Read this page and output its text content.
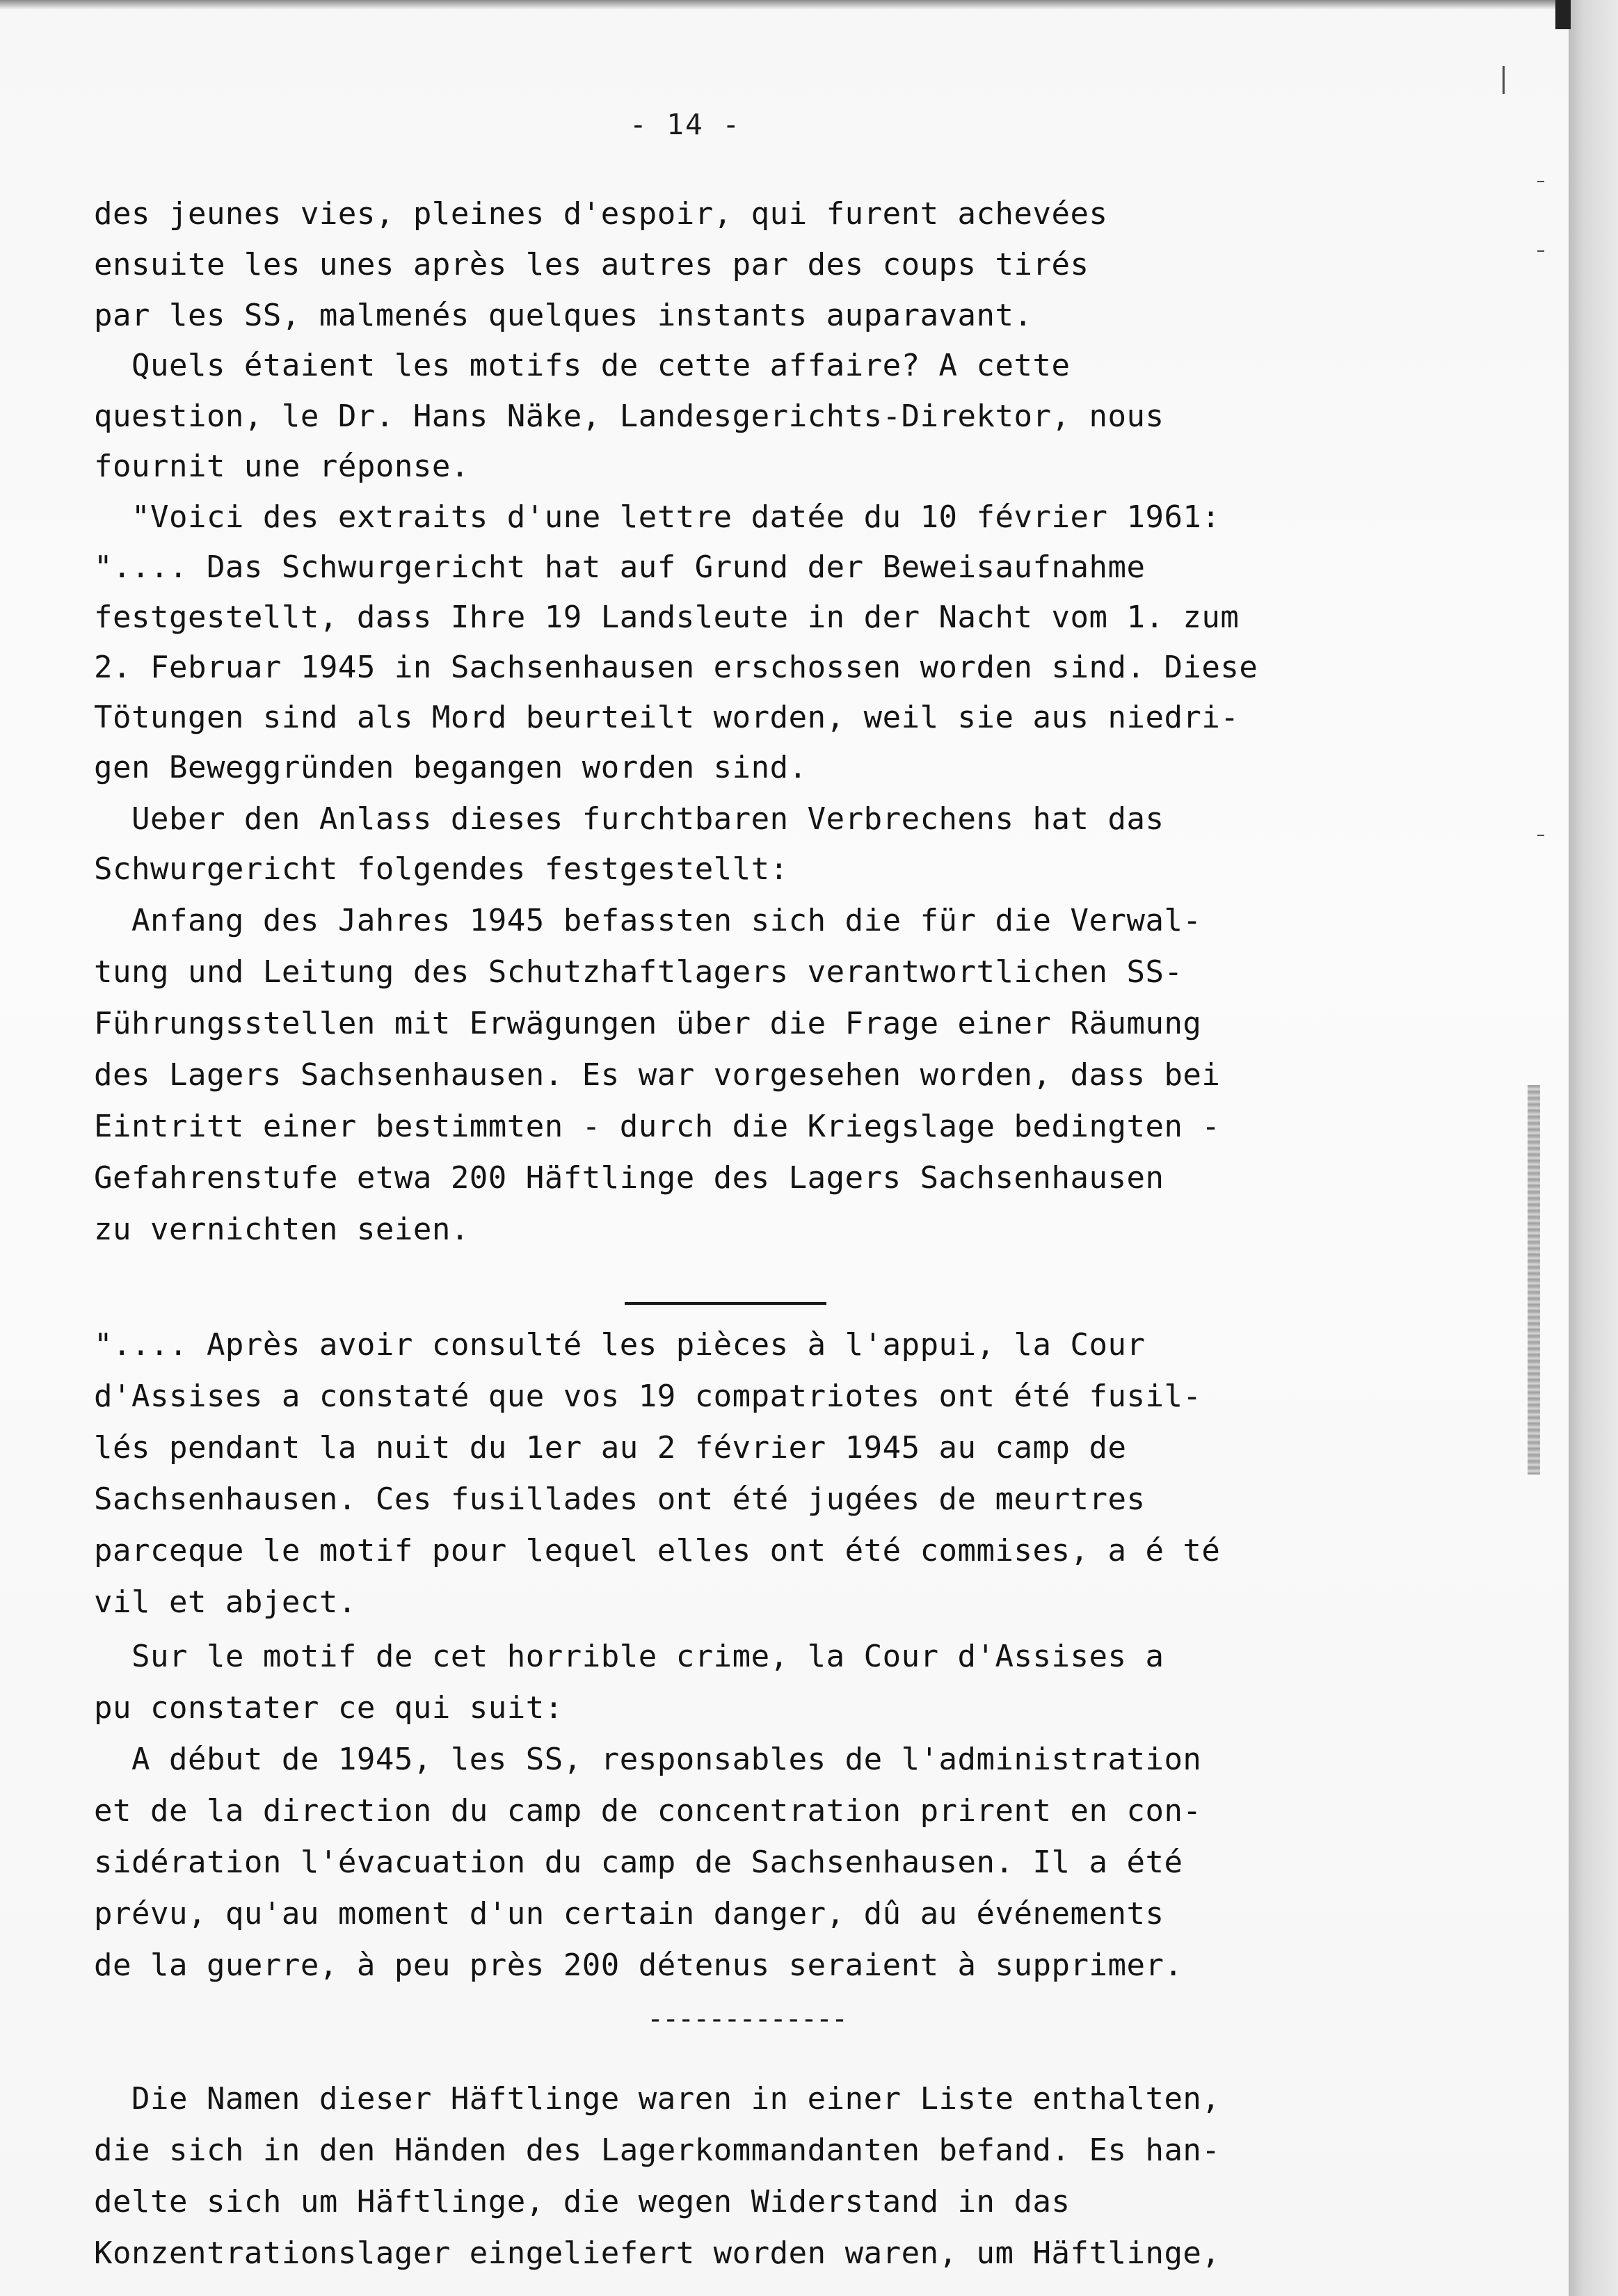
- 14 -
des jeunes vies, pleines d'espoir, qui furent achevées
ensuite les unes après les autres par des coups tirés
par les SS, malmenés quelques instants auparavant.
Quels étaient les motifs de cette affaire? A cette
question, le Dr. Hans Näke, Landesgerichts-Direktor, nous
fournit une réponse.
"Voici des extraits d'une lettre datée du 10 février 1961:
".... Das Schwurgericht hat auf Grund der Beweisaufnahme
festgestellt, dass Ihre 19 Landsleute in der Nacht vom 1. zum
2. Februar 1945 in Sachsenhausen erschossen worden sind. Diese
Tötungen sind als Mord beurteilt worden, weil sie aus niedri-
gen Beweggründen begangen worden sind.
Ueber den Anlass dieses furchtbaren Verbrechens hat das
Schwurgericht folgendes festgestellt:
Anfang des Jahres 1945 befassten sich die für die Verwal-
tung und Leitung des Schutzhaftlagers verantwortlichen SS-
Führungsstellen mit Erwägungen über die Frage einer Räumung
des Lagers Sachsenhausen. Es war vorgesehen worden, dass bei
Eintritt einer bestimmten - durch die Kriegslage bedingten -
Gefahrenstufe etwa 200 Häftlinge des Lagers Sachsenhausen
zu vernichten seien.
".... Après avoir consulté les pièces à l'appui, la Cour
d'Assises a constaté que vos 19 compatriotes ont été fusil-
lés pendant la nuit du 1er au 2 février 1945 au camp de
Sachsenhausen. Ces fusillades ont été jugées de meurtres
parceque le motif pour lequel elles ont été commises, a é té
vil et abject.
Sur le motif de cet horrible crime, la Cour d'Assises a
pu constater ce qui suit:
A début de 1945, les SS, responsables de l'administration
et de la direction du camp de concentration prirent en con-
sidération l'évacuation du camp de Sachsenhausen. Il a été
prévu, qu'au moment d'un certain danger, dû au événements
de la guerre, à peu près 200 détenus seraient à supprimer.
Die Namen dieser Häftlinge waren in einer Liste enthalten,
die sich in den Händen des Lagerkommandanten befand. Es han-
delte sich um Häftlinge, die wegen Widerstand in das
Konzentrationslager eingeliefert worden waren, um Häftlinge,
-------------
